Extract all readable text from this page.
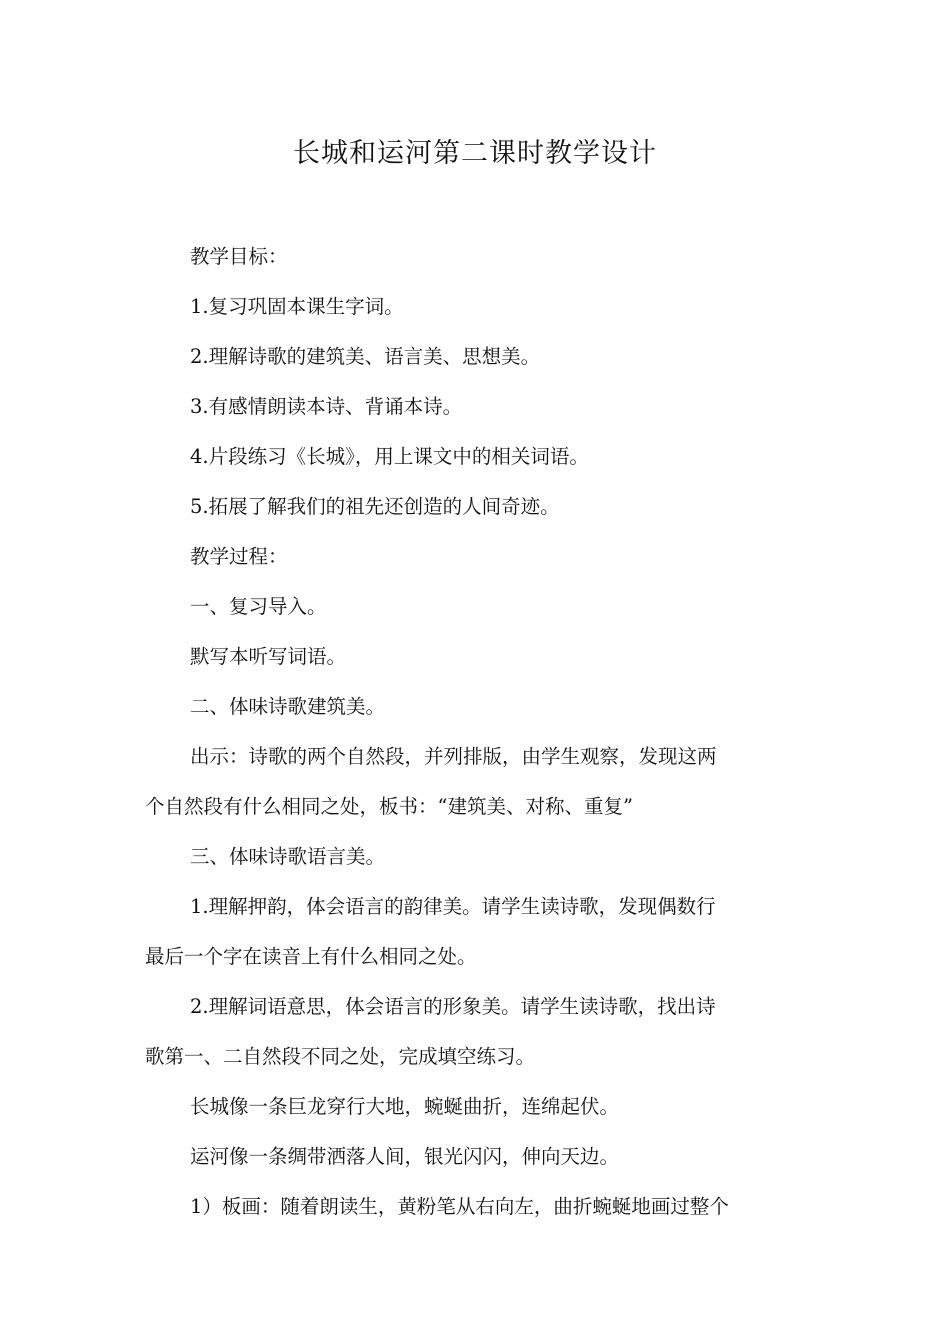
长城和运河第二课时教学设计

教学目标：

1.复习巩固本课生字词。

2.理解诗歌的建筑美、语言美、思想美。

3.有感情朗读本诗、背诵本诗。

4.片段练习《长城》，用上课文中的相关词语。

5.拓展了解我们的祖先还创造的人间奇迹。

教学过程：

一、复习导入。

默写本听写词语。

二、体味诗歌建筑美。

出示：诗歌的两个自然段，并列排版，由学生观察，发现这两
个自然段有什么相同之处，板书：“建筑美、对称、重复”

三、体味诗歌语言美。

1.理解押韵，体会语言的韵律美。请学生读诗歌，发现偶数行
最后一个字在读音上有什么相同之处。

2.理解词语意思，体会语言的形象美。请学生读诗歌，找出诗
歌第一、二自然段不同之处，完成填空练习。

长城像一条巨龙穿行大地，蜿蜒曲折，连绵起伏。

运河像一条绸带洒落人间，银光闪闪，伸向天边。

1）板画：随着朗读生，黄粉笔从右向左，曲折蜿蜒地画过整个
